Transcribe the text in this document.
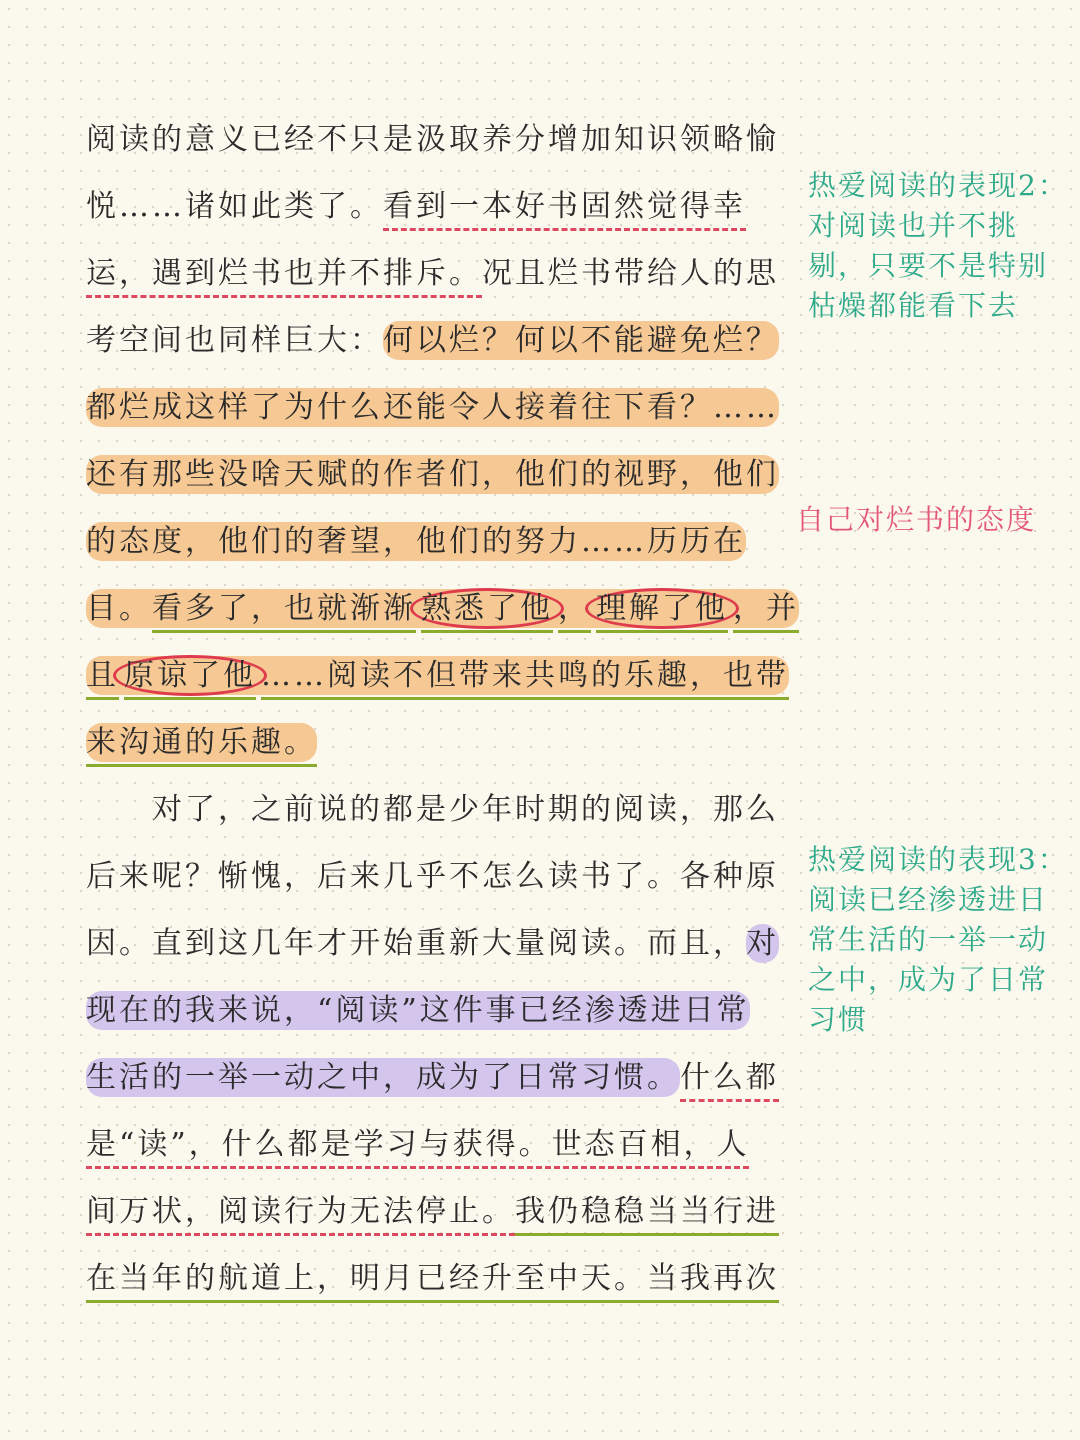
阅读的意义已经不只是汲取养分增加知识领略愉

悦……诸如此类了。看到一本好书固然觉得幸

运，遇到烂书也并不排斥。况且烂书带给人的思

考空间也同样巨大：何以烂？何以不能避免烂？

都烂成这样了为什么还能令人接着往下看？……

还有那些没啥天赋的作者们，他们的视野，他们

的态度，他们的奢望，他们的努力……历历在

目。看多了，也就渐渐 熟悉了他 ， 理解了他 ，并

且 原谅了他 ……阅读不但带来共鸣的乐趣，也带

来沟通的乐趣。

对了，之前说的都是少年时期的阅读，那么

后来呢？惭愧，后来几乎不怎么读书了。各种原

因。直到这几年才开始重新大量阅读。而且，对

现在的我来说，“阅读”这件事已经渗透进日常

生活的一举一动之中，成为了日常习惯。什么都

是“读”，什么都是学习与获得。世态百相，人

间万状，阅读行为无法停止。我仍稳稳当当行进

在当年的航道上，明月已经升至中天。当我再次

热爱阅读的表现2：
对阅读也并不挑
剔，只要不是特别
枯燥都能看下去
自己对烂书的态度
热爱阅读的表现3：
阅读已经渗透进日
常生活的一举一动
之中，成为了日常
习惯
